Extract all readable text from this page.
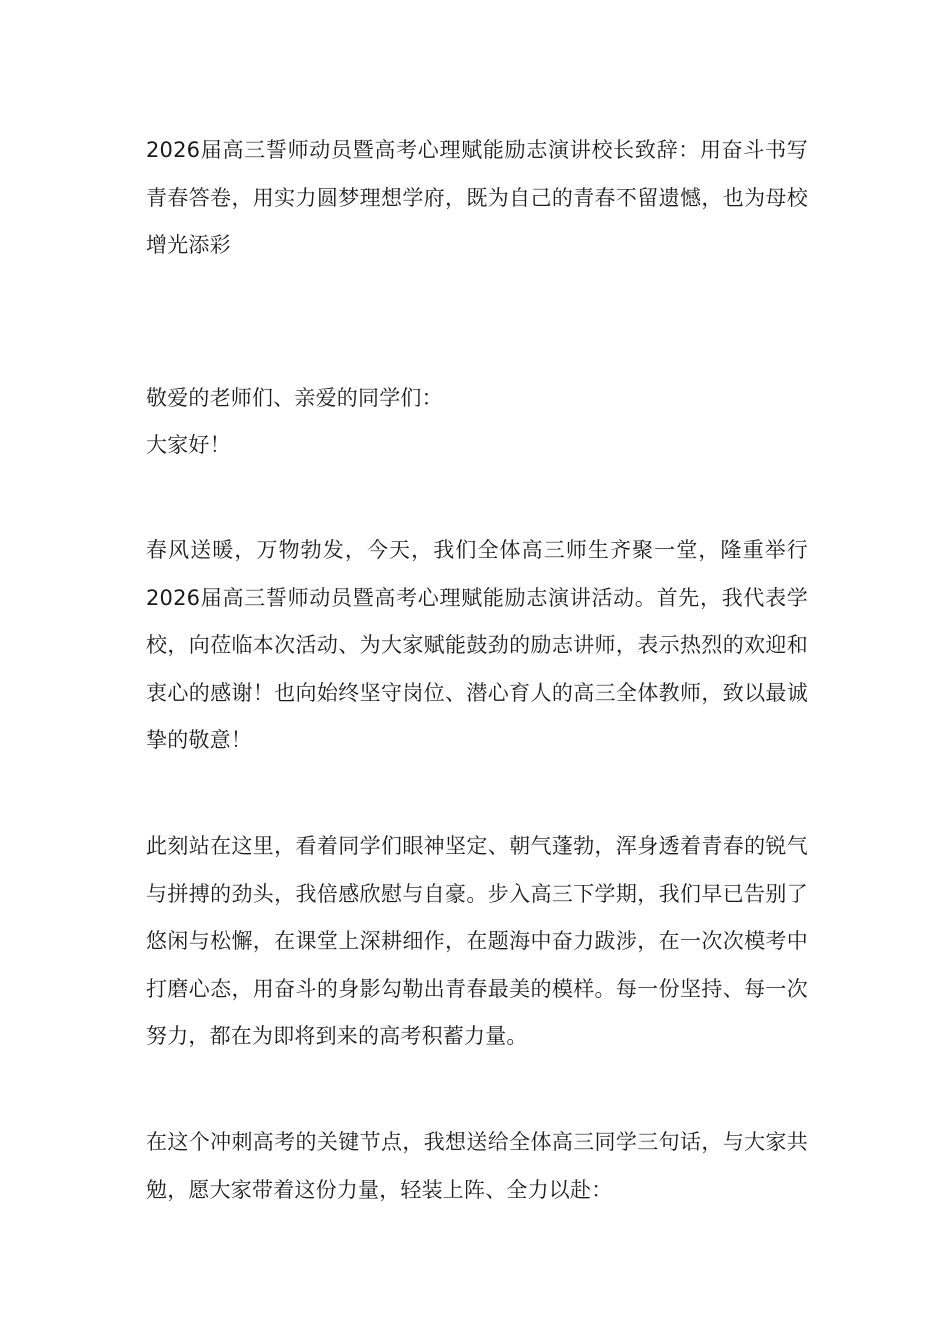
2026届高三誓师动员暨高考心理赋能励志演讲校长致辞：用奋斗书写青春答卷，用实力圆梦理想学府，既为自己的青春不留遗憾，也为母校增光添彩

敬爱的老师们、亲爱的同学们：

大家好！

春风送暖，万物勃发，今天，我们全体高三师生齐聚一堂，隆重举行2026届高三誓师动员暨高考心理赋能励志演讲活动。首先，我代表学校，向莅临本次活动、为大家赋能鼓劲的励志讲师，表示热烈的欢迎和衷心的感谢！也向始终坚守岗位、潜心育人的高三全体教师，致以最诚挚的敬意！

此刻站在这里，看着同学们眼神坚定、朝气蓬勃，浑身透着青春的锐气与拼搏的劲头，我倍感欣慰与自豪。步入高三下学期，我们早已告别了悠闲与松懈，在课堂上深耕细作，在题海中奋力跋涉，在一次次模考中打磨心态，用奋斗的身影勾勒出青春最美的模样。每一份坚持、每一次努力，都在为即将到来的高考积蓄力量。

在这个冲刺高考的关键节点，我想送给全体高三同学三句话，与大家共勉，愿大家带着这份力量，轻装上阵、全力以赴：
